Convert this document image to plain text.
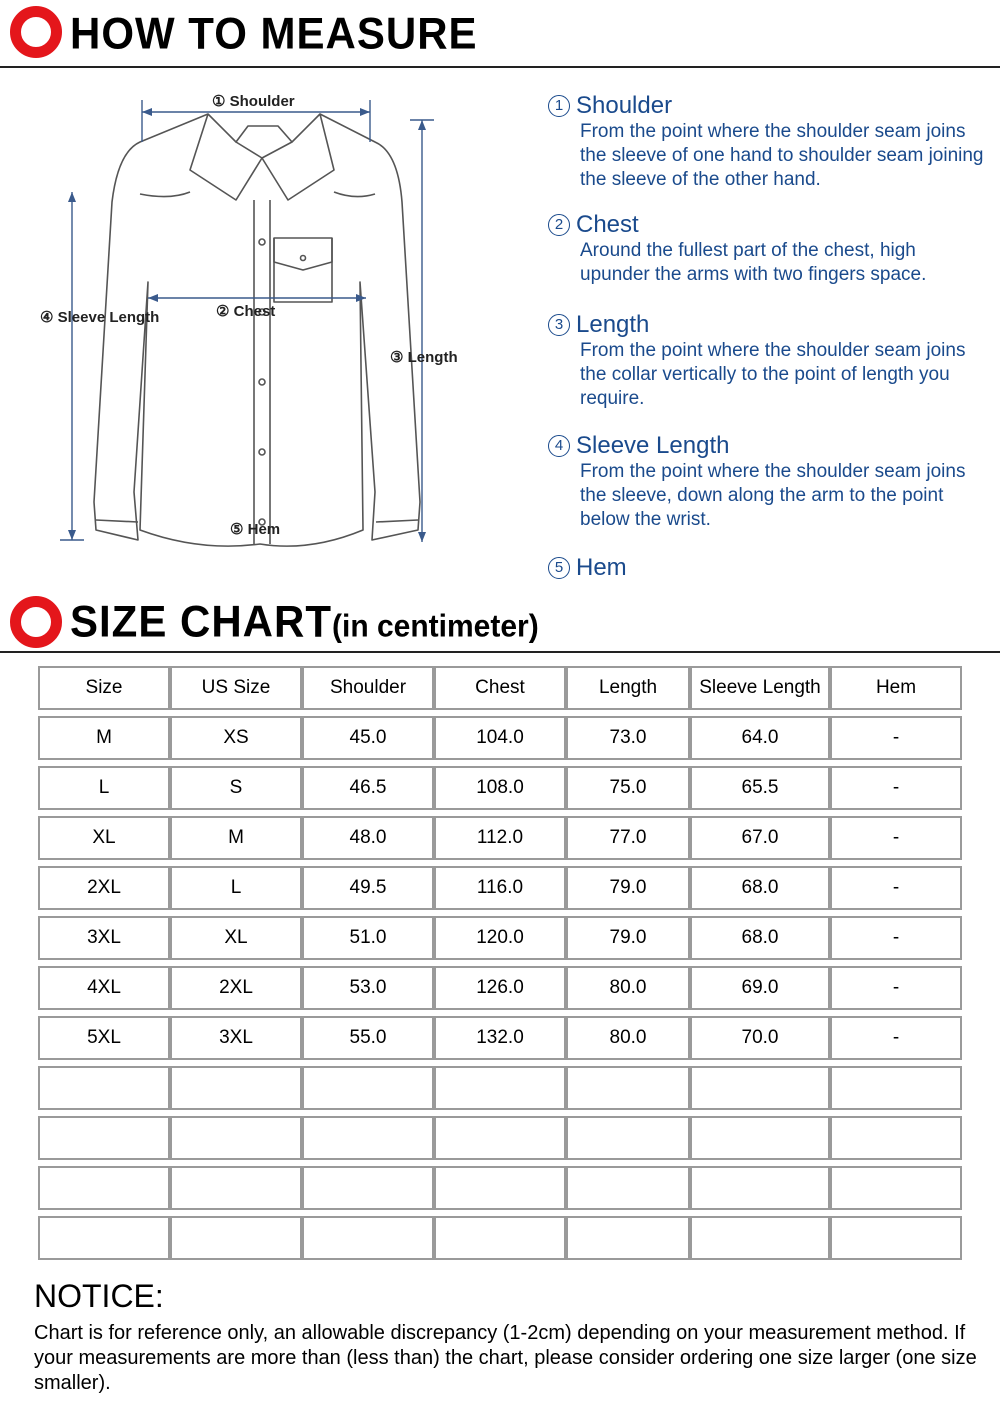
HOW TO MEASURE
① Shoulder
② Chest
③ Length
④ Sleeve Length
⑤ Hem
1 Shoulder
From the point where the shoulder seam joins the sleeve of one hand to shoulder seam joining the sleeve of the other hand.
2 Chest
Around the fullest part of the chest, high upunder the arms with two fingers space.
3 Length
From the point where the shoulder seam joins the collar vertically to the point of length you require.
4 Sleeve Length
From the point where the shoulder seam joins the sleeve, down along the arm to the point below the wrist.
5 Hem
SIZE CHART(in centimeter)
Size	US Size	Shoulder	Chest	Length	Sleeve Length	Hem

M	XS	45.0	104.0	73.0	64.0	-

L	S	46.5	108.0	75.0	65.5	-

XL	M	48.0	112.0	77.0	67.0	-

2XL	L	49.5	116.0	79.0	68.0	-

3XL	XL	51.0	120.0	79.0	68.0	-

4XL	2XL	53.0	126.0	80.0	69.0	-

5XL	3XL	55.0	132.0	80.0	70.0	-

NOTICE:
Chart is for reference only, an allowable discrepancy (1-2cm) depending on your measurement method. If your measurements are more than (less than) the chart, please consider ordering one size larger (one size smaller).
